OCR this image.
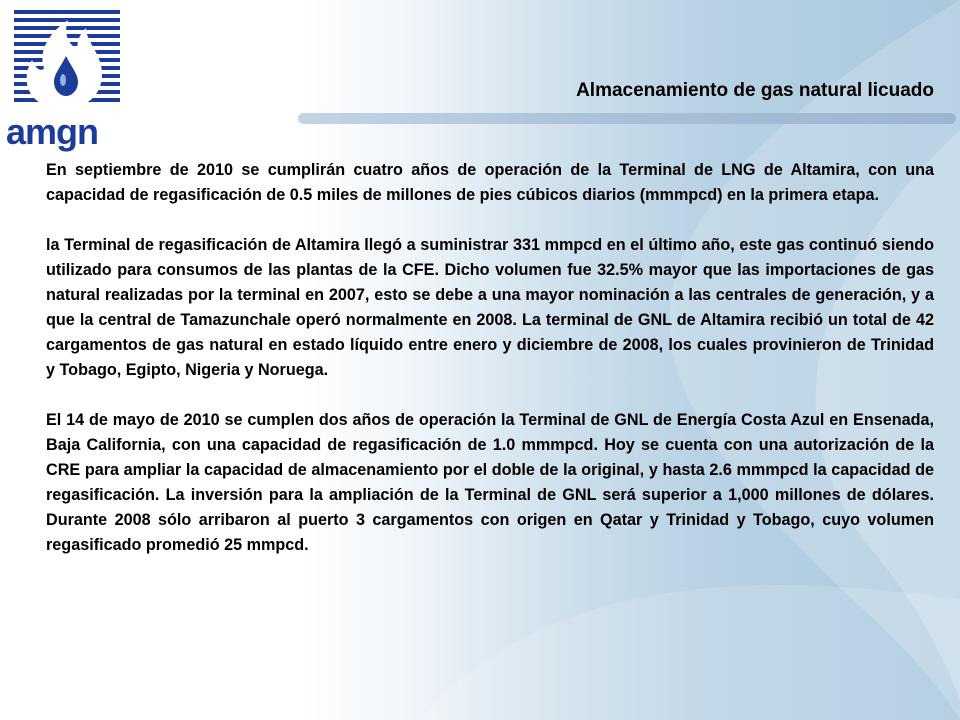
amgn
Almacenamiento de gas natural licuado

En septiembre de 2010 se cumplirán cuatro años de operación de la Terminal de LNG de Altamira, con una capacidad de regasificación de 0.5 miles de millones de pies cúbicos diarios (mmmpcd) en la primera etapa.

la Terminal de regasificación de Altamira llegó a suministrar 331 mmpcd en el último año, este gas continuó siendo utilizado para consumos de las plantas de la CFE. Dicho volumen fue 32.5% mayor que las importaciones de gas natural realizadas por la terminal en 2007, esto se debe a una mayor nominación a las centrales de generación, y a que la central de Tamazunchale operó normalmente en 2008. La terminal de GNL de Altamira recibió un total de 42 cargamentos de gas natural en estado líquido entre enero y diciembre de 2008, los cuales provinieron de Trinidad y Tobago, Egipto, Nigeria y Noruega.

El 14 de mayo de 2010 se cumplen dos años de operación la Terminal de GNL de Energía Costa Azul en Ensenada, Baja California, con una capacidad de regasificación de 1.0 mmmpcd. Hoy se cuenta con una autorización de la CRE para ampliar la capacidad de almacenamiento por el doble de la original, y hasta 2.6 mmmpcd la capacidad de regasificación. La inversión para la ampliación de la Terminal de GNL será superior a 1,000 millones de dólares. Durante 2008 sólo arribaron al puerto 3 cargamentos con origen en Qatar y Trinidad y Tobago, cuyo volumen regasificado promedió 25 mmpcd.
